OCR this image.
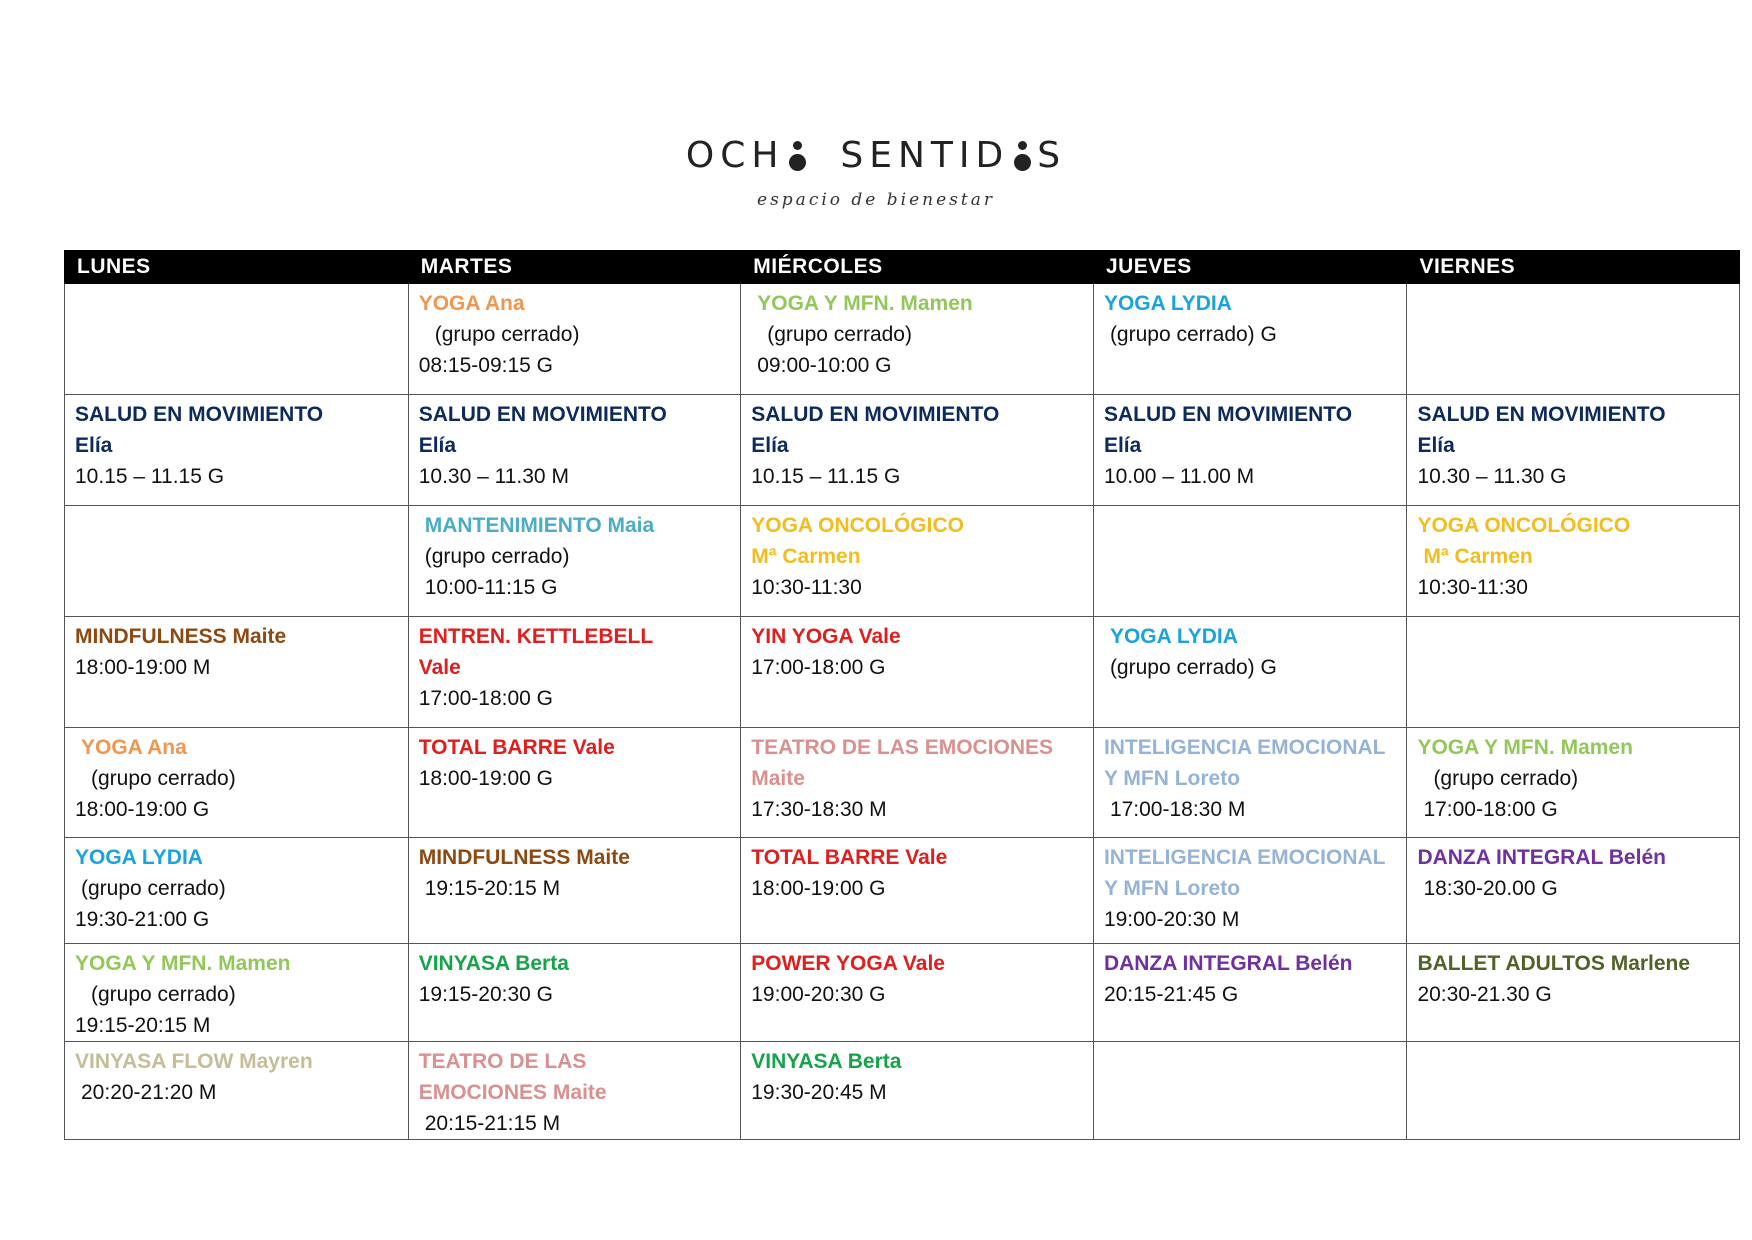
OCH SENTID S
espacio de bienestar
LUNES	MARTES	MIÉRCOLES	JUEVES	VIERNES

	YOGA Ana
(grupo cerrado)
08:15-09:15 G	YOGA Y MFN. Mamen
(grupo cerrado)
09:00-10:00 G	YOGA LYDIA
(grupo cerrado) G	

SALUD EN MOVIMIENTO
Elía
10.15 – 11.15 G	SALUD EN MOVIMIENTO
Elía
10.30 – 11.30 M	SALUD EN MOVIMIENTO
Elía
10.15 – 11.15 G	SALUD EN MOVIMIENTO
Elía
10.00 – 11.00 M	SALUD EN MOVIMIENTO
Elía
10.30 – 11.30 G

	MANTENIMIENTO Maia
(grupo cerrado)
10:00-11:15 G	YOGA ONCOLÓGICO
Mª Carmen
10:30-11:30		YOGA ONCOLÓGICO
Mª Carmen
10:30-11:30

MINDFULNESS Maite
18:00-19:00 M	ENTREN. KETTLEBELL
Vale
17:00-18:00 G	YIN YOGA Vale
17:00-18:00 G	YOGA LYDIA
(grupo cerrado) G	

YOGA Ana
(grupo cerrado)
18:00-19:00 G	TOTAL BARRE Vale
18:00-19:00 G	TEATRO DE LAS EMOCIONES
Maite
17:30-18:30 M	INTELIGENCIA EMOCIONAL
Y MFN Loreto
17:00-18:30 M	YOGA Y MFN. Mamen
(grupo cerrado)
17:00-18:00 G

YOGA LYDIA
(grupo cerrado)
19:30-21:00 G	MINDFULNESS Maite
19:15-20:15 M	TOTAL BARRE Vale
18:00-19:00 G	INTELIGENCIA EMOCIONAL
Y MFN Loreto
19:00-20:30 M	DANZA INTEGRAL Belén
18:30-20.00 G

YOGA Y MFN. Mamen
(grupo cerrado)
19:15-20:15 M	VINYASA Berta
19:15-20:30 G	POWER YOGA Vale
19:00-20:30 G	DANZA INTEGRAL Belén
20:15-21:45 G	BALLET ADULTOS Marlene
20:30-21.30 G

VINYASA FLOW Mayren
20:20-21:20 M	TEATRO DE LAS
EMOCIONES Maite
20:15-21:15 M	VINYASA Berta
19:30-20:45 M		
